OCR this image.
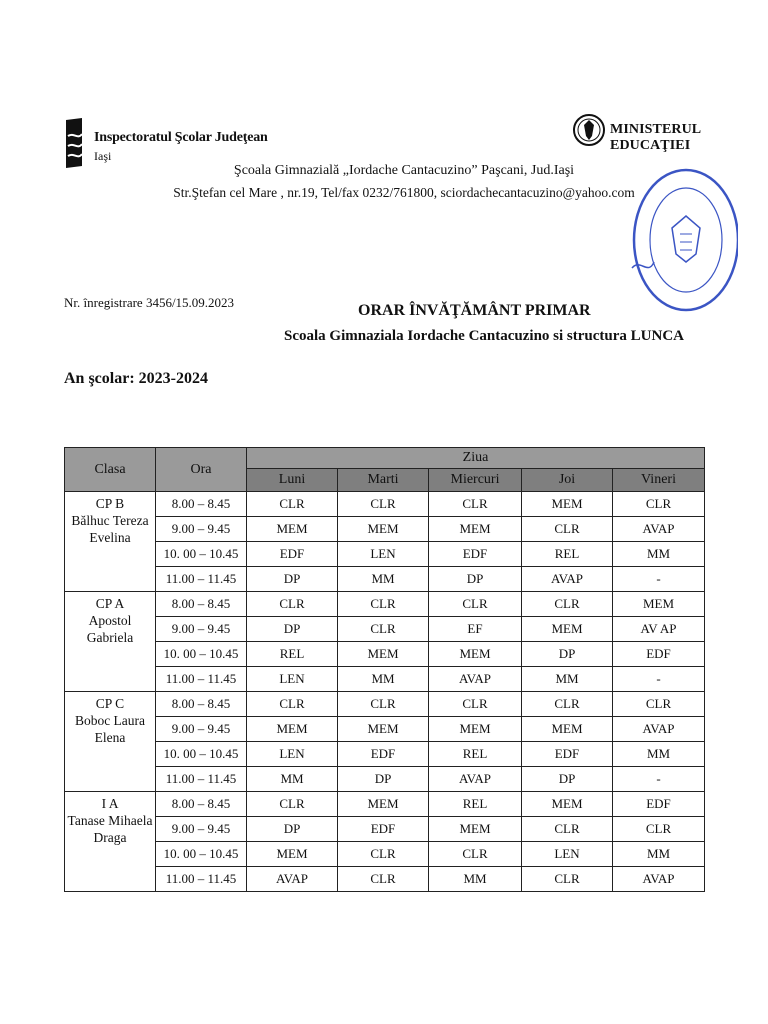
Inspectoratul Şcolar Judeţean
Iaşi
Şcoala Gimnazială „Iordache Cantacuzino” Paşcani, Jud.Iaşi
Str.Ştefan cel Mare , nr.19, Tel/fax 0232/761800, sciordachecantacuzino@yahoo.com
MINISTERUL EDUCAŢIEI
Nr. înregistrare 3456/15.09.2023	ORAR ÎNVĂŢĂMÂNT PRIMAR
Scoala Gimnaziala Iordache Cantacuzino si structura LUNCA
An şcolar: 2023-2024
Clasa	Ora	Ziua				
		Luni	Marti	Miercuri	Joi	Vineri

CP B
Bălhuc Tereza
Evelina	8.00 – 8.45	CLR	CLR	CLR	MEM	CLR
	9.00 – 9.45	MEM	MEM	MEM	CLR	AVAP
	10. 00 – 10.45	EDF	LEN	EDF	REL	MM
	11.00 – 11.45	DP	MM	DP	AVAP	-

CP A
Apostol Gabriela	8.00 – 8.45	CLR	CLR	CLR	CLR	MEM
	9.00 – 9.45	DP	CLR	EF	MEM	AV AP
	10. 00 – 10.45	REL	MEM	MEM	DP	EDF
	11.00 – 11.45	LEN	MM	AVAP	MM	-

CP C
Boboc Laura
Elena	8.00 – 8.45	CLR	CLR	CLR	CLR	CLR
	9.00 – 9.45	MEM	MEM	MEM	MEM	AVAP
	10. 00 – 10.45	LEN	EDF	REL	EDF	MM
	11.00 – 11.45	MM	DP	AVAP	DP	-

I A
Tanase Mihaela
Draga	8.00 – 8.45	CLR	MEM	REL	MEM	EDF
	9.00 – 9.45	DP	EDF	MEM	CLR	CLR
	10. 00 – 10.45	MEM	CLR	CLR	LEN	MM
	11.00 – 11.45	AVAP	CLR	MM	CLR	AVAP
